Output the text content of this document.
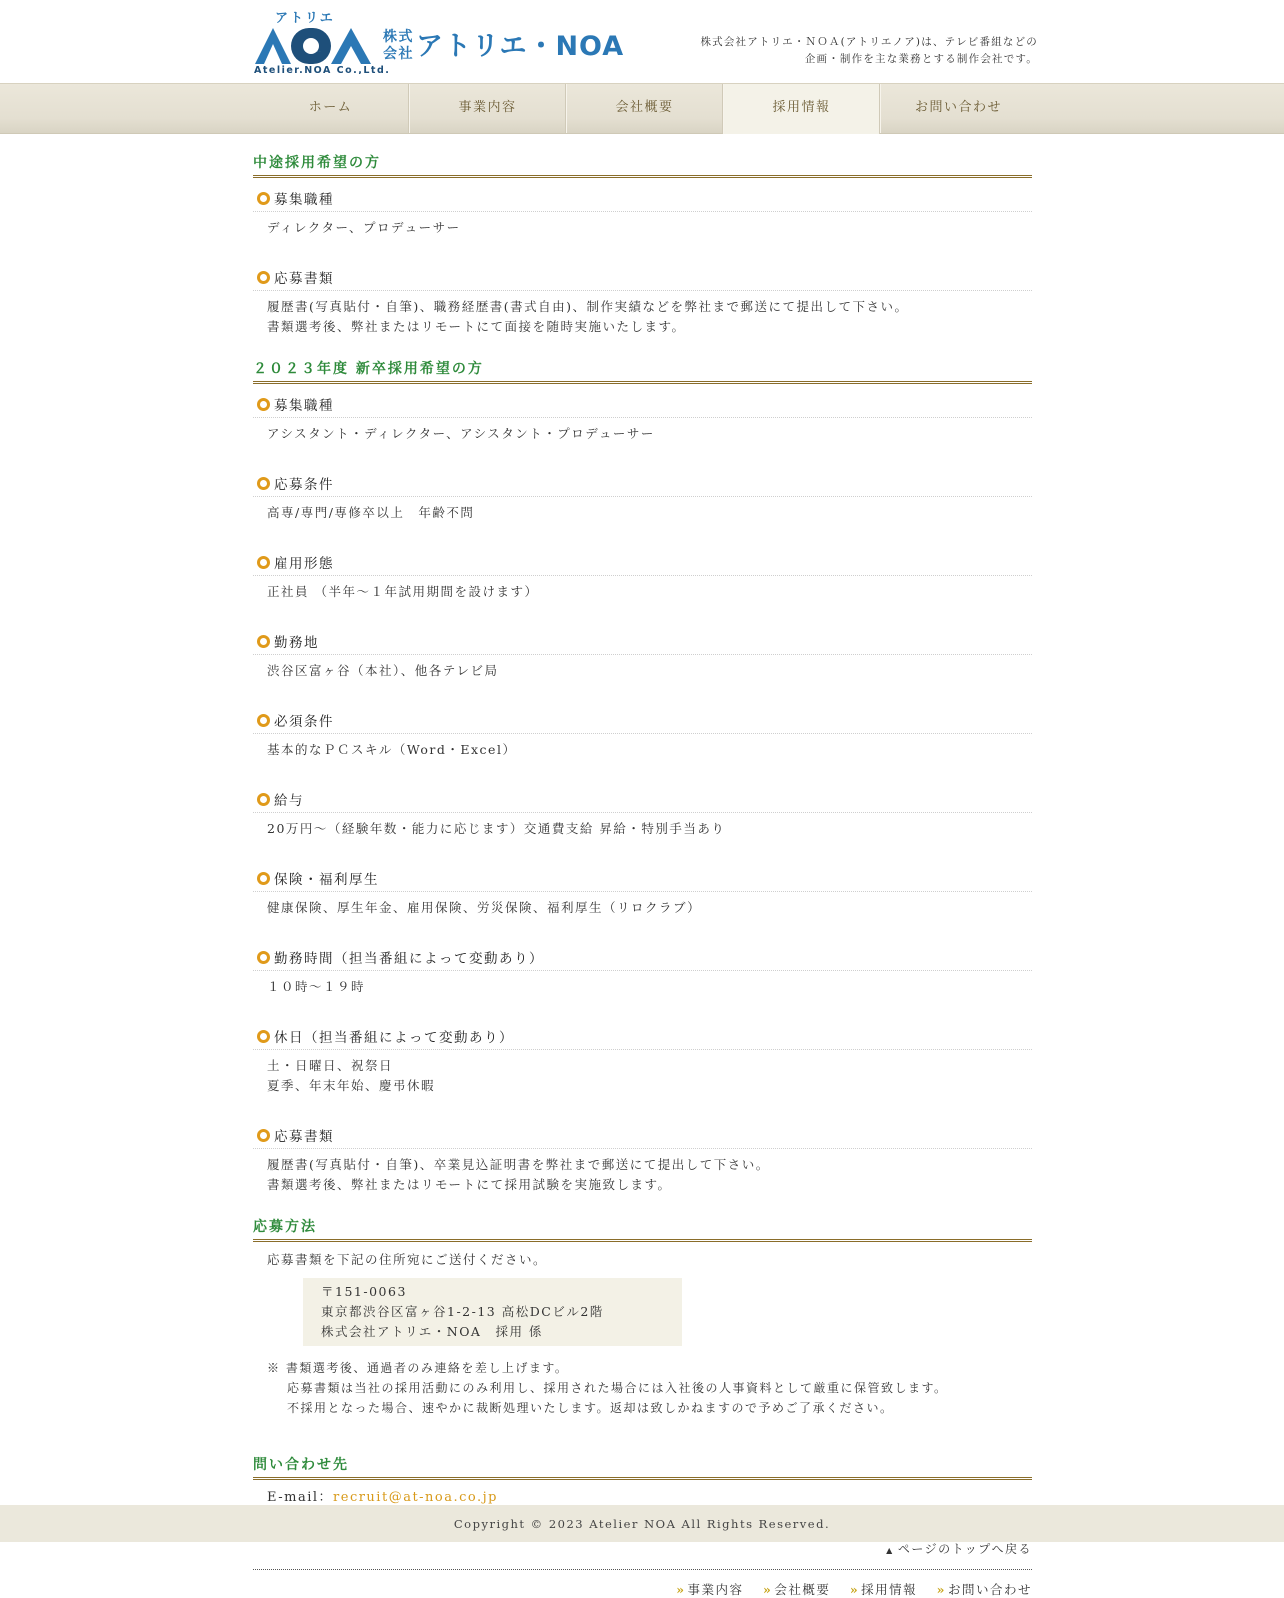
アトリエ
NOA
Atelier.NOA Co.,Ltd.
株式
会社 アトリエ・NOA	株式会社アトリエ・ＮＯＡ(アトリエノア)は、テレビ番組などの
企画・制作を主な業務とする制作会社です。
ホーム	事業内容	会社概要	採用情報	お問い合わせ
中途採用希望の方
募集職種
ディレクター、プロデューサー
応募書類
履歴書(写真貼付・自筆)、職務経歴書(書式自由)、制作実績などを弊社まで郵送にて提出して下さい。
書類選考後、弊社またはリモートにて面接を随時実施いたします。
２０２３年度 新卒採用希望の方
募集職種
アシスタント・ディレクター、アシスタント・プロデューサー
応募条件
高専/専門/専修卒以上　年齢不問
雇用形態
正社員 （半年〜１年試用期間を設けます）
勤務地
渋谷区富ヶ谷（本社）、他各テレビ局
必須条件
基本的なＰＣスキル（Word・Excel）
給与
20万円〜（経験年数・能力に応じます）交通費支給 昇給・特別手当あり
保険・福利厚生
健康保険、厚生年金、雇用保険、労災保険、福利厚生（リロクラブ）
勤務時間（担当番組によって変動あり）
１０時〜１９時
休日（担当番組によって変動あり）
土・日曜日、祝祭日
夏季、年末年始、慶弔休暇
応募書類
履歴書(写真貼付・自筆)、卒業見込証明書を弊社まで郵送にて提出して下さい。
書類選考後、弊社またはリモートにて採用試験を実施致します。
応募方法
応募書類を下記の住所宛にご送付ください。
〒151-0063
東京都渋谷区富ヶ谷1-2-13 高松DCビル2階
株式会社アトリエ・NOA　採用 係
※ 書類選考後、通過者のみ連絡を差し上げます。
応募書類は当社の採用活動にのみ利用し、採用された場合には入社後の人事資料として厳重に保管致します。
不採用となった場合、速やかに裁断処理いたします。返却は致しかねますので予めご了承ください。
問い合わせ先
E-mail：recruit@at-noa.co.jp
▲ ページのトップへ戻る
» 事業内容 » 会社概要 » 採用情報 » お問い合わせ
Copyright © 2023 Atelier NOA All Rights Reserved.
